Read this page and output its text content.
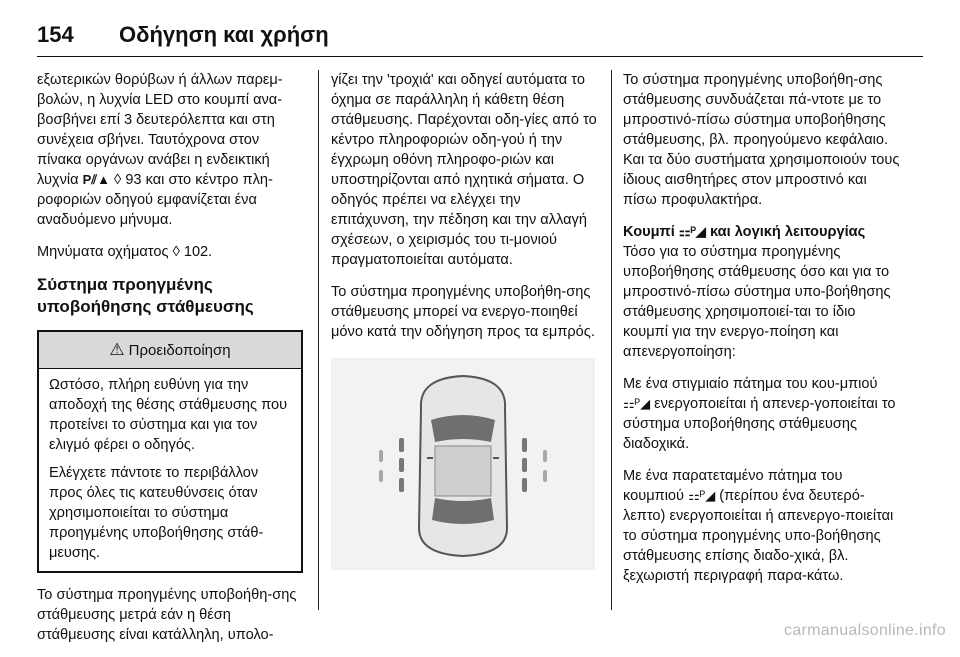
154 Οδήγηση και χρήση

εξωτερικών θορύβων ή άλλων παρεμ-βολών, η λυχνία LED στο κουμπί ανα-βοσβήνει επί 3 δευτερόλεπτα και στη συνέχεια σβήνει. Ταυτόχρονα στον πίνακα οργάνων ανάβει η ενδεικτική λυχνία P⫽▲ ◊ 93 και στο κέντρο πλη-ροφοριών οδηγού εμφανίζεται ένα αναδυόμενο μήνυμα.

Μηνύματα οχήματος ◊ 102.

Σύστημα προηγμένης υποβοήθησης στάθμευσης
⚠ Προειδοποίηση

Ωστόσο, πλήρη ευθύνη για την αποδοχή της θέσης στάθμευσης που προτείνει το σύστημα και για τον ελιγμό φέρει ο οδηγός.

Ελέγχετε πάντοτε το περιβάλλον προς όλες τις κατευθύνσεις όταν χρησιμοποιείται το σύστημα προηγμένης υποβοήθησης στάθ-μευσης.

Το σύστημα προηγμένης υποβοήθη-σης στάθμευσης μετρά εάν η θέση στάθμευσης είναι κατάλληλη, υπολο-

γίζει την 'τροχιά' και οδηγεί αυτόματα το όχημα σε παράλληλη ή κάθετη θέση στάθμευσης. Παρέχονται οδη-γίες από το κέντρο πληροφοριών οδη-γού ή την έγχρωμη οθόνη πληροφο-ριών και υποστηρίζονται από ηχητικά σήματα. Ο οδηγός πρέπει να ελέγχει την επιτάχυνση, την πέδηση και την αλλαγή σχέσεων, ο χειρισμός του τι-μονιού πραγματοποιείται αυτόματα.

Το σύστημα προηγμένης υποβοήθη-σης στάθμευσης μπορεί να ενεργο-ποιηθεί μόνο κατά την οδήγηση προς τα εμπρός.

Το σύστημα προηγμένης υποβοήθη-σης στάθμευσης συνδυάζεται πά-ντοτε με το μπροστινό-πίσω σύστημα υποβοήθησης στάθμευσης, βλ. προηγούμενο κεφάλαιο. Και τα δύο συστήματα χρησιμοποιούν τους ίδιους αισθητήρες στον μπροστινό και πίσω προφυλακτήρα.

Κουμπί ⚏ᴾ◢ και λογική λειτουργίας

Τόσο για το σύστημα προηγμένης υποβοήθησης στάθμευσης όσο και για το μπροστινό-πίσω σύστημα υπο-βοήθησης στάθμευσης χρησιμοποιεί-ται το ίδιο κουμπί για την ενεργο-ποίηση και απενεργοποίηση:

Με ένα στιγμιαίο πάτημα του κου-μπιού ⚏ᴾ◢ ενεργοποιείται ή απενερ-γοποιείται το σύστημα υποβοήθησης στάθμευσης διαδοχικά.

Με ένα παρατεταμένο πάτημα του κουμπιού ⚏ᴾ◢ (περίπου ένα δευτερό-λεπτο) ενεργοποιείται ή απενεργο-ποιείται το σύστημα προηγμένης υπο-βοήθησης στάθμευσης επίσης διαδο-χικά, βλ. ξεχωριστή περιγραφή παρα-κάτω.

carmanualsonline.info
